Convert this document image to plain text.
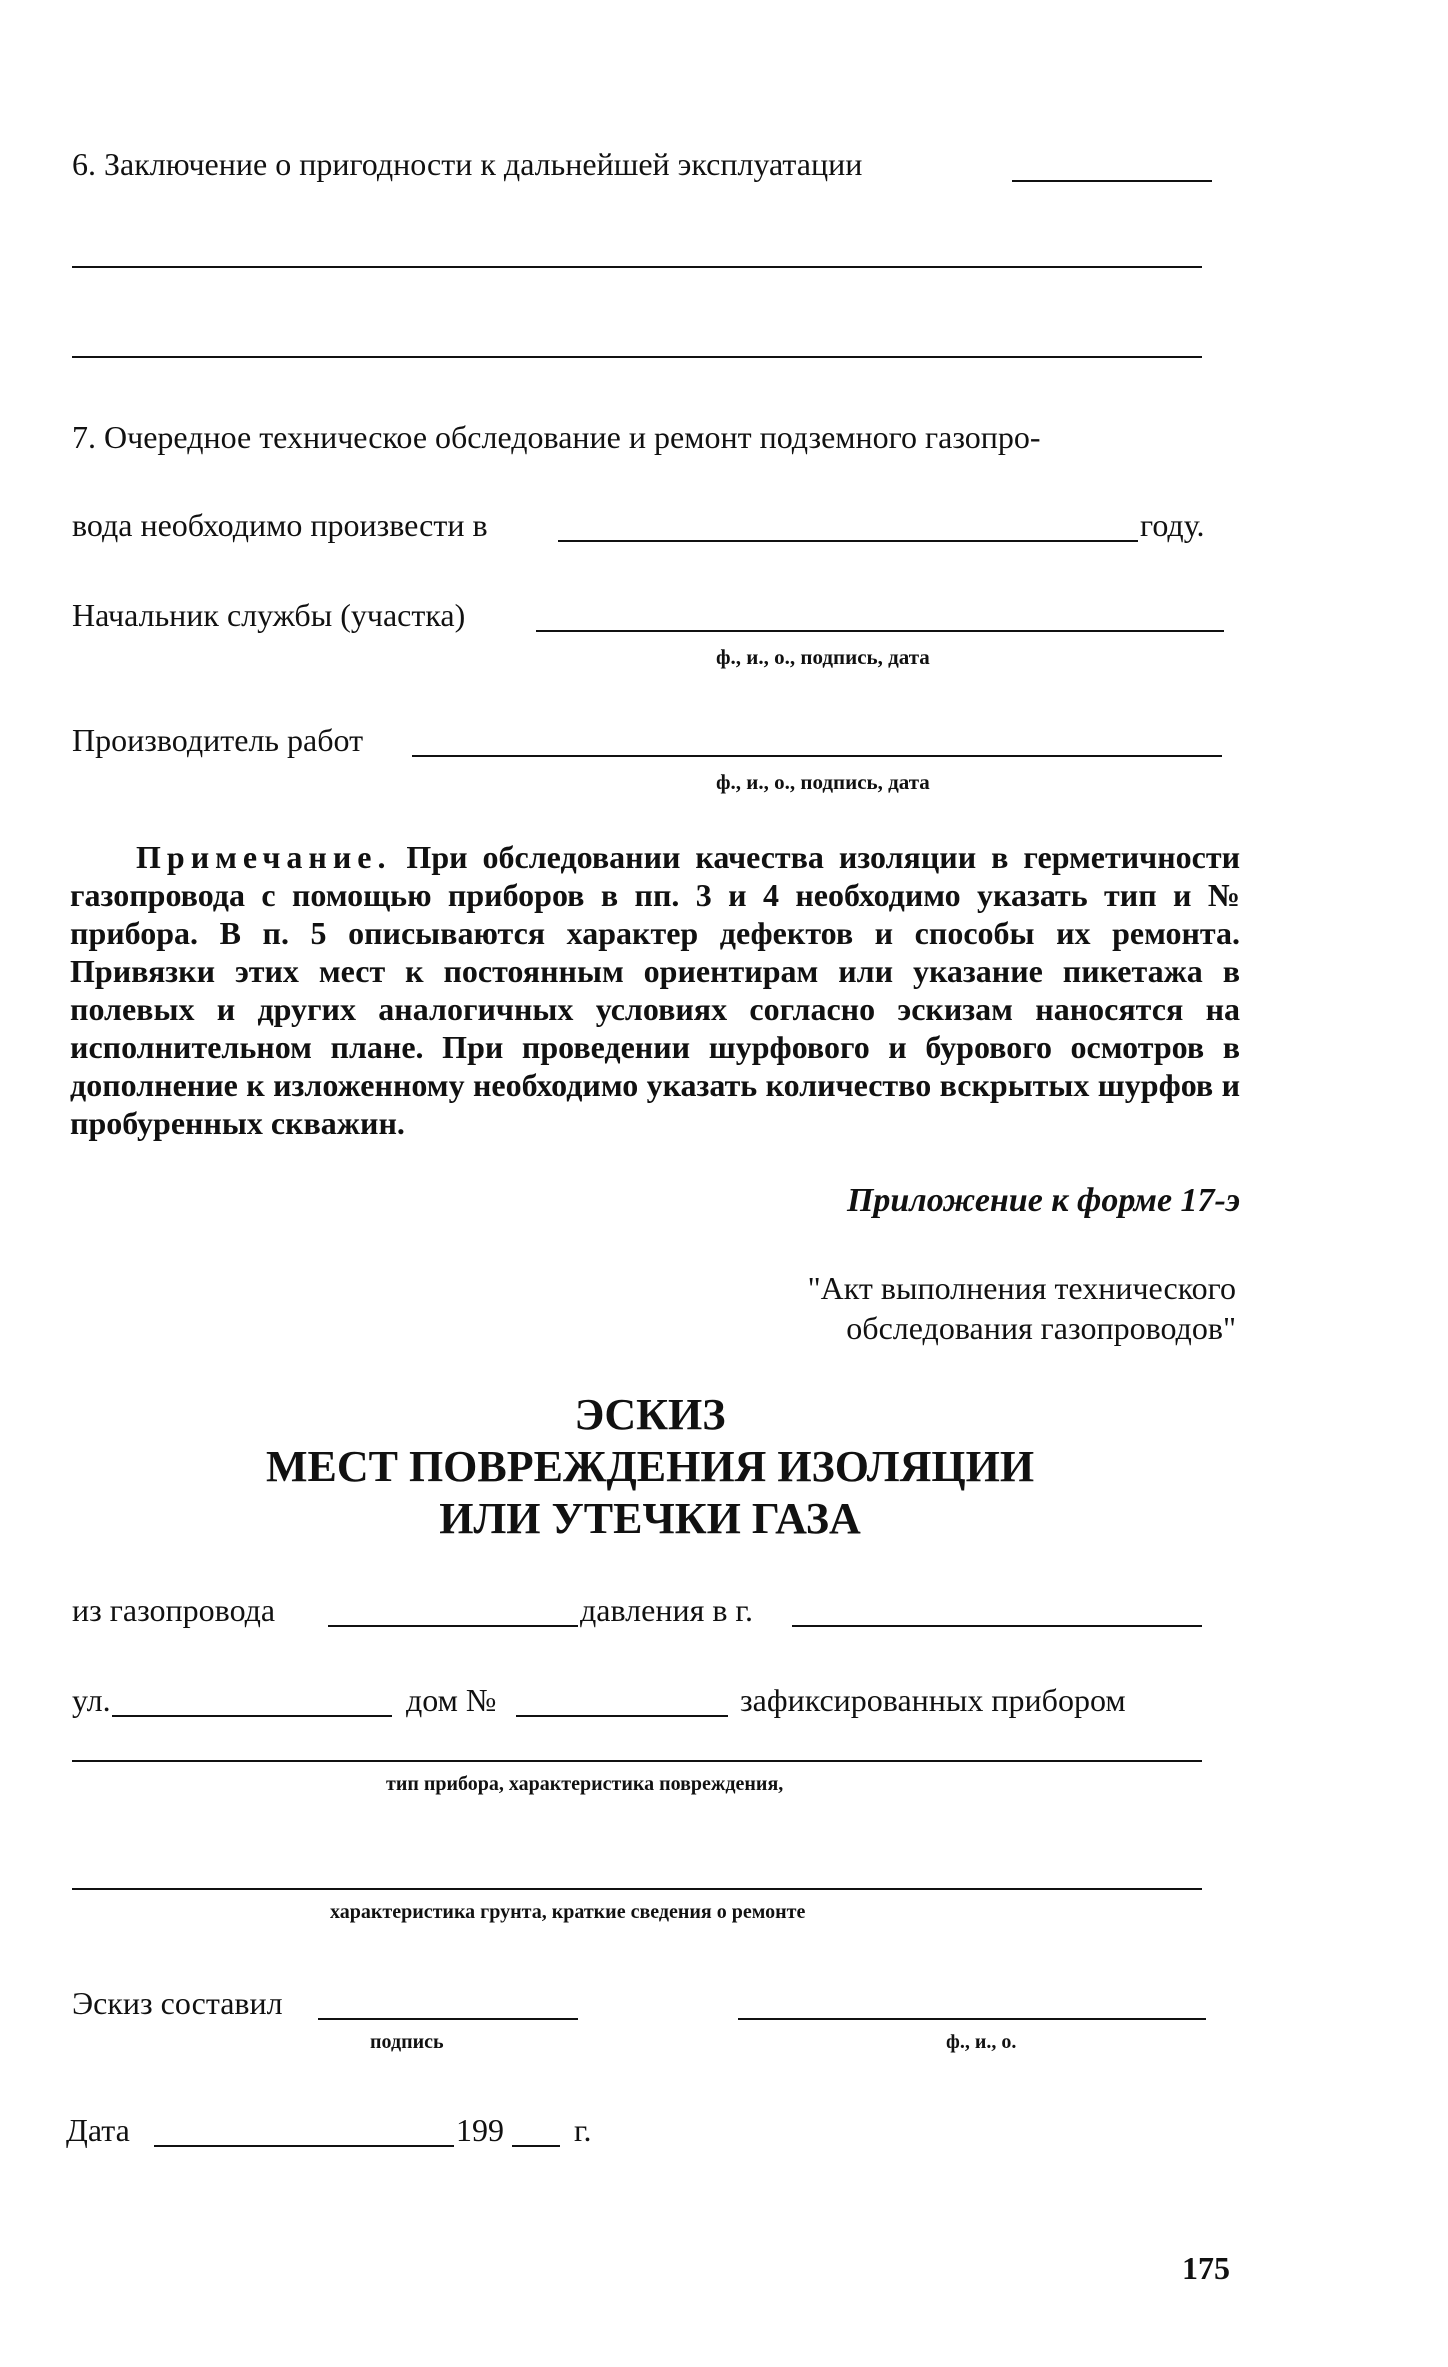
6. Заключение о пригодности к дальнейшей эксплуатации
7. Очередное техническое обследование и ремонт подземного газопро-
вода необходимо произвести в	году.
Начальник службы (участка)
ф., и., о., подпись, дата
Производитель работ
ф., и., о., подпись, дата
Примечание. При обследовании качества изоляции в герметичности газопровода с помощью приборов в пп. 3 и 4 необходимо указать тип и № прибора. В п. 5 описываются характер дефектов и способы их ремонта. Привязки этих мест к постоянным ориентирам или указание пикетажа в полевых и других аналогичных условиях согласно эскизам наносятся на исполнительном плане. При проведении шурфового и бурового осмотров в дополнение к изложенному необходимо указать количество вскрытых шурфов и пробуренных скважин.
Приложение к форме 17-э
"Акт выполнения технического
обследования газопроводов"
ЭСКИЗ
МЕСТ ПОВРЕЖДЕНИЯ ИЗОЛЯЦИИ
ИЛИ УТЕЧКИ ГАЗА
из газопровода	давления в г.
ул.	дом №	зафиксированных прибором
тип прибора, характеристика повреждения,
характеристика грунта, краткие сведения о ремонте
Эскиз составил
подпись	ф., и., о.
Дата	199 г.
175
